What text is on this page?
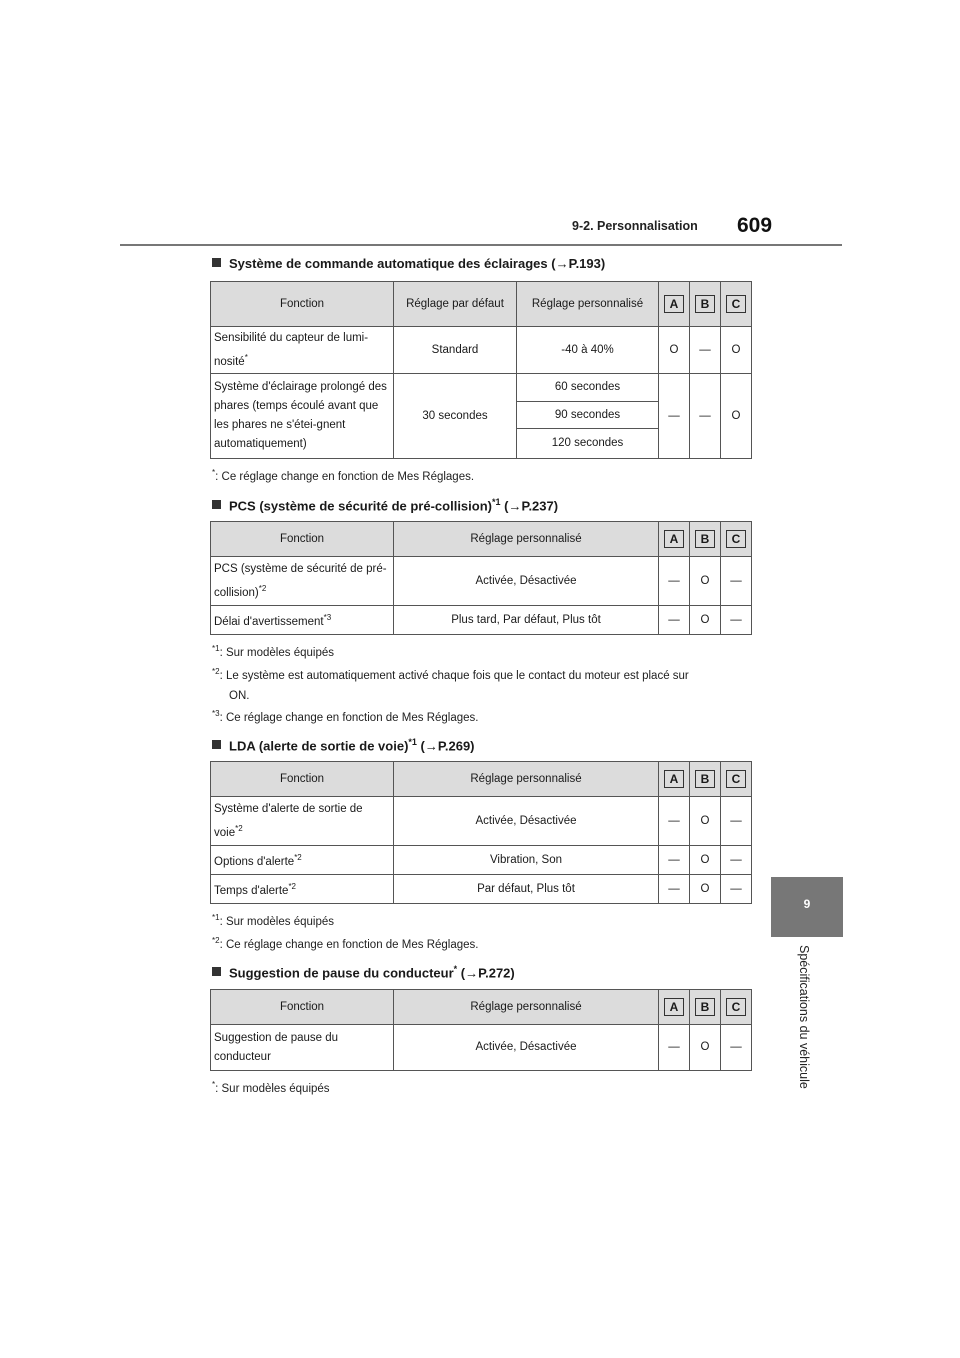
9-2. Personnalisation 609
9
Spécifications du véhicule
Système de commande automatique des éclairages (→P.193)
Fonction	Réglage par défaut	Réglage personnalisé	A	B	C
Sensibilité du capteur de lumi-nosité*	Standard	-40 à 40%	O	—	O
Système d'éclairage prolongé des phares (temps écoulé avant que les phares ne s'étei-gnent automatiquement)	30 secondes	60 secondes	—	—	O
		90 secondes			
		120 secondes			
*: Ce réglage change en fonction de Mes Réglages.
PCS (système de sécurité de pré-collision)$^{*1}$ (→P.237)
Fonction	Réglage personnalisé	A	B	C
PCS (système de sécurité de pré-collision)$^{*2}$	Activée, Désactivée	—	O	—
Délai d'avertissement$^{*3}$	Plus tard, Par défaut, Plus tôt	—	O	—
$^{*1}$: Sur modèles équipés
$^{*2}$: Le système est automatiquement activé chaque fois que le contact du moteur est placé sur
ON.
$^{*3}$: Ce réglage change en fonction de Mes Réglages.
LDA (alerte de sortie de voie)$^{*1}$ (→P.269)
Fonction	Réglage personnalisé	A	B	C
Système d'alerte de sortie de voie$^{*2}$	Activée, Désactivée	—	O	—
Options d'alerte$^{*2}$	Vibration, Son	—	O	—
Temps d'alerte$^{*2}$	Par défaut, Plus tôt	—	O	—
$^{*1}$: Sur modèles équipés
$^{*2}$: Ce réglage change en fonction de Mes Réglages.
Suggestion de pause du conducteur* (→P.272)
Fonction	Réglage personnalisé	A	B	C
Suggestion de pause du conducteur	Activée, Désactivée	—	O	—
*: Sur modèles équipés
